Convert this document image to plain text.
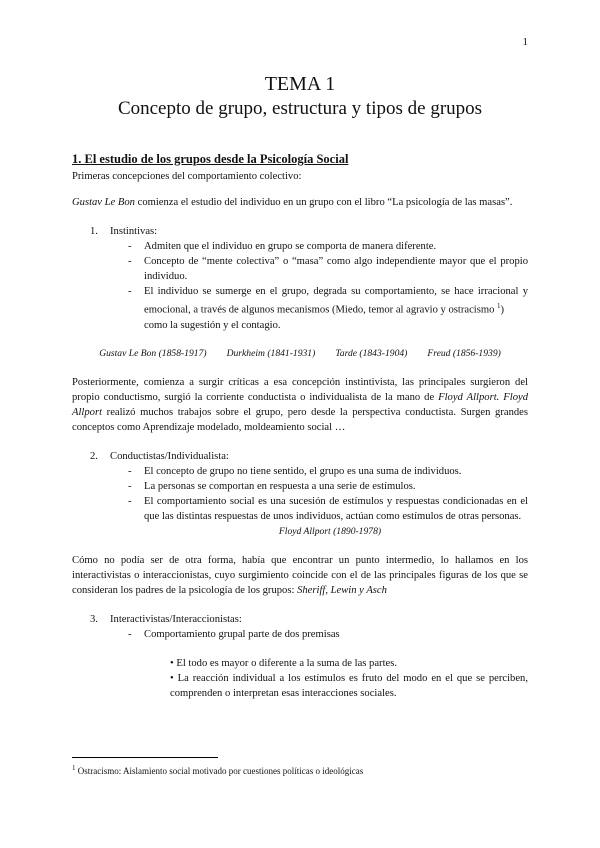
1
TEMA 1
Concepto de grupo, estructura y tipos de grupos
1. El estudio de los grupos desde la Psicología Social

Primeras concepciones del comportamiento colectivo:

Gustav Le Bon comienza el estudio del individuo en un grupo con el libro “La psicología de las masas”.

1.	Instintivas:
- Admiten que el individuo en grupo se comporta de manera diferente.
- Concepto de “mente colectiva” o “masa” como algo independiente mayor que el propio individuo.
- El individuo se sumerge en el grupo, degrada su comportamiento, se hace irracional y emocional, a través de algunos mecanismos (Miedo, temor al agravio y ostracismo $^1$)
como la sugestión y el contagio.
Gustav Le Bon (1858-1917) Durkheim (1841-1931) Tarde (1843-1904) Freud (1856-1939)

Posteriormente, comienza a surgir críticas a esa concepción instintivista, las principales surgieron del propio conductismo, surgió la corriente conductista o individualista de la mano de Floyd Allport. Floyd Allport realizó muchos trabajos sobre el grupo, pero desde la perspectiva conductista. Surgen grandes conceptos como Aprendizaje modelado, moldeamiento social …

2.	Conductistas/Individualista:
- El concepto de grupo no tiene sentido, el grupo es una suma de individuos.
- La personas se comportan en respuesta a una serie de estímulos.
- El comportamiento social es una sucesión de estímulos y respuestas condicionadas en el que las distintas respuestas de unos individuos, actúan como estímulos de otras personas.
Floyd Allport (1890-1978)

Cómo no podía ser de otra forma, había que encontrar un punto intermedio, lo hallamos en los interactivistas o interaccionistas, cuyo surgimiento coincide con el de las principales figuras de los que se consideran los padres de la psicología de los grupos: Sheriff, Lewin y Asch

3.	Interactivistas/Interaccionistas:
- Comportamiento grupal parte de dos premisas

• El todo es mayor o diferente a la suma de las partes.

• La reacción individual a los estímulos es fruto del modo en el que se perciben, comprenden o interpretan esas interacciones sociales.

$^1$ Ostracismo: Aislamiento social motivado por cuestiones políticas o ideológicas
